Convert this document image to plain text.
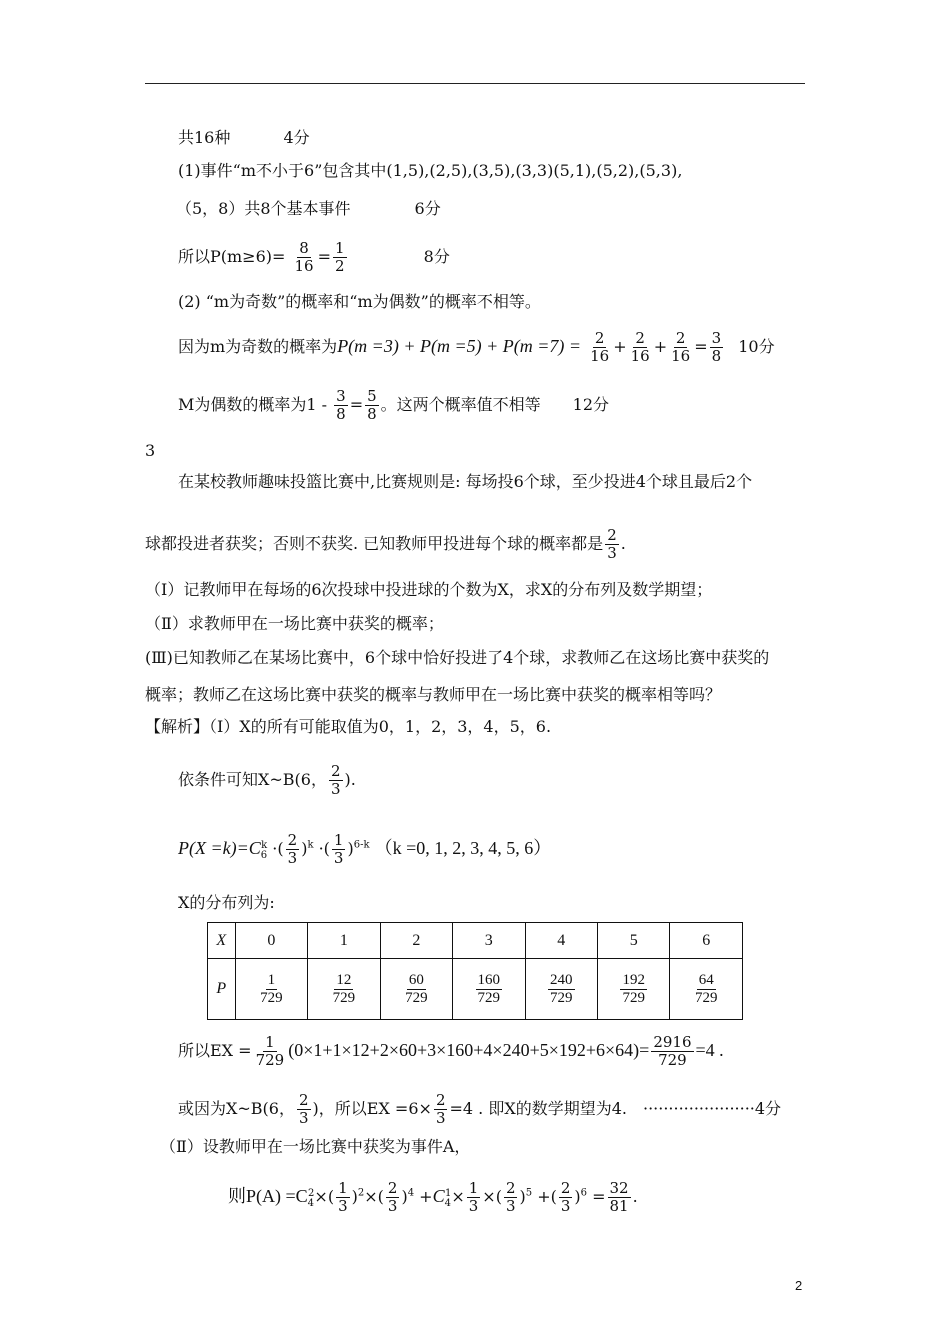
共16种　　　 4分
(1)事件“m不小于6”包含其中(1,5),(2,5),(3,5),(3,3)(5,1),(5,2),(5,3),
（5，8）共8个基本事件　　　　6分
所以$P(m\ge 6)= \frac{8}{16} = \frac{1}{2}$	8分
(2) “m为奇数”的概率和“m为偶数”的概率不相等。
因为m为奇数的概率为$P(m =3) + P(m =5) + P(m =7) = \frac{2}{16} + \frac{2}{16} + \frac{2}{16} = \frac{3}{8} 10$分
M为偶数的概率为$1 - \frac{3}{8} = \frac{5}{8}$ 。这两个概率值不相等　　12分
3
在某校教师趣味投篮比赛中,比赛规则是: 每场投6个球，至少投进4个球且最后2个
球都投进者获奖；否则不获奖. 已知教师甲投进每个球的概率都是 $\frac{2}{3}$ .
（Ⅰ）记教师甲在每场的6次投球中投进球的个数为X，求X的分布列及数学期望；
（Ⅱ）求教师甲在一场比赛中获奖的概率；
(Ⅲ)已知教师乙在某场比赛中，6个球中恰好投进了4个球，求教师乙在这场比赛中获奖的
概率；教师乙在这场比赛中获奖的概率与教师甲在一场比赛中获奖的概率相等吗？
【解析】（Ⅰ）X的所有可能取值为0，1，2，3，4，5，6.
依条件可知X~B(6， $\frac{2}{3}$ ).
$P(X =k)=C_6^k$ ·( $\frac{2}{3} )^k$ ·( $\frac{1}{3} )^{6-k}$ （k =0, 1, 2, 3, 4, 5, 6）
X的分布列为:
X	0	1	2	3	4	5	6
P	$\frac{1}{729}$	$\frac{12}{729}$	$\frac{60}{729}$	$\frac{160}{729}$	$\frac{240}{729}$	$\frac{192}{729}$	$\frac{64}{729}$
所以EX = $\frac{1}{729} (0\times 1+1\times 12+2\times 60+3\times 160+4\times 240+5\times 192+6\times 64)= \frac{2916}{729} =4$ .
或因为X~B(6， $\frac{2}{3}$ )，所以EX $=6\times \frac{2}{3} =4$ . 即X的数学期望为4.　······················4分
（Ⅱ）设教师甲在一场比赛中获奖为事件A，
则$P(A) =C_4^2\times( \frac{1}{3} )^2\times( \frac{2}{3} )^4 +C_4^1\times \frac{1}{3}$ ×( $\frac{2}{3} )^5$ +( $\frac{2}{3} )^6 = \frac{32}{81}$ .
2
